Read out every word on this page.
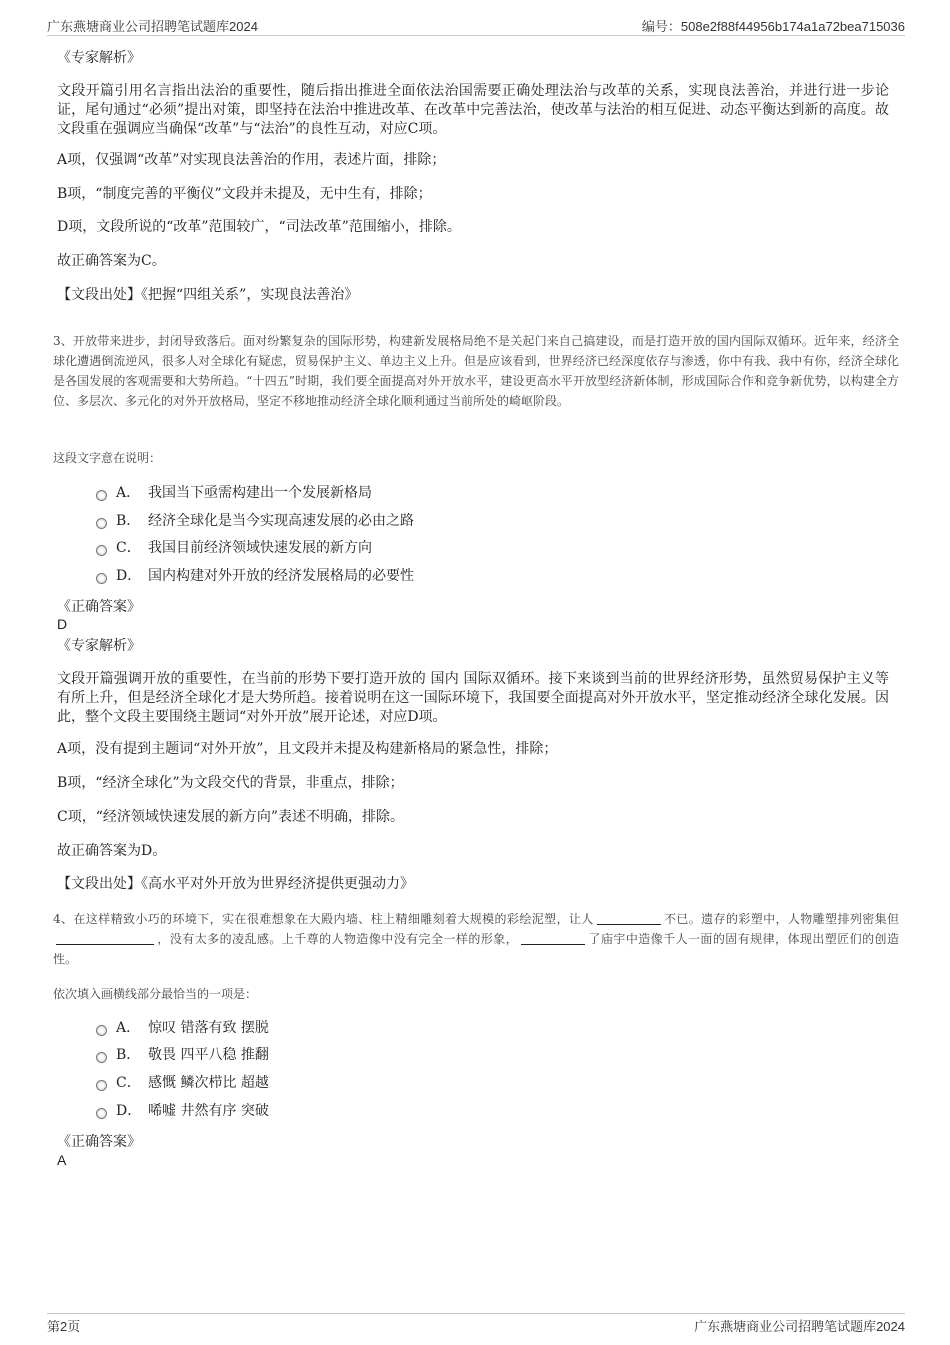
广东燕塘商业公司招聘笔试题库2024	编号：508e2f88f44956b174a1a72bea715036
《专家解析》

文段开篇引用名言指出法治的重要性，随后指出推进全面依法治国需要正确处理法治与改革的关系，实现良法善治，并进行进一步论证，尾句通过“必须”提出对策，即坚持在法治中推进改革、在改革中完善法治，使改革与法治的相互促进、动态平衡达到新的高度。故文段重在强调应当确保“改革”与“法治”的良性互动，对应C项。

A项，仅强调“改革”对实现良法善治的作用，表述片面，排除；
B项，“制度完善的平衡仪”文段并未提及，无中生有，排除；
D项，文段所说的“改革”范围较广，“司法改革”范围缩小，排除。
故正确答案为C。
【文段出处】《把握“四组关系”，实现良法善治》

3、开放带来进步，封闭导致落后。面对纷繁复杂的国际形势，构建新发展格局绝不是关起门来自己搞建设，而是打造开放的国内国际双循环。近年来，经济全球化遭遇倒流逆风，很多人对全球化有疑虑，贸易保护主义、单边主义上升。但是应该看到，世界经济已经深度依存与渗透，你中有我、我中有你，经济全球化是各国发展的客观需要和大势所趋。“十四五”时期，我们要全面提高对外开放水平，建设更高水平开放型经济新体制，形成国际合作和竞争新优势，以构建全方位、多层次、多元化的对外开放格局，坚定不移地推动经济全球化顺利通过当前所处的崎岖阶段。

这段文字意在说明：
A． 我国当下亟需构建出一个发展新格局
B． 经济全球化是当今实现高速发展的必由之路
C． 我国目前经济领域快速发展的新方向
D． 国内构建对外开放的经济发展格局的必要性
《正确答案》
D
《专家解析》

文段开篇强调开放的重要性，在当前的形势下要打造开放的 国内 国际双循环。接下来谈到当前的世界经济形势，虽然贸易保护主义等有所上升，但是经济全球化才是大势所趋。接着说明在这一国际环境下，我国要全面提高对外开放水平，坚定推动经济全球化发展。因此，整个文段主要围绕主题词“对外开放”展开论述，对应D项。

A项，没有提到主题词“对外开放”，且文段并未提及构建新格局的紧急性，排除；
B项，“经济全球化”为文段交代的背景，非重点，排除；
C项，“经济领域快速发展的新方向”表述不明确，排除。
故正确答案为D。
【文段出处】《高水平对外开放为世界经济提供更强动力》

4、在这样精致小巧的环境下，实在很难想象在大殿内墙、柱上精细雕刻着大规模的彩绘泥塑，让人	不已。遗存的彩塑中，人物雕塑排列密集但，没有太多的凌乱感。上千尊的人物造像中没有完全一样的形象，	了庙宇中造像千人一面的固有规律，体现出塑匠们的创造性。

依次填入画横线部分最恰当的一项是：
A． 惊叹 错落有致 摆脱
B． 敬畏 四平八稳 推翻
C． 感慨 鳞次栉比 超越
D． 唏嘘 井然有序 突破
《正确答案》
A
第2页	广东燕塘商业公司招聘笔试题库2024
